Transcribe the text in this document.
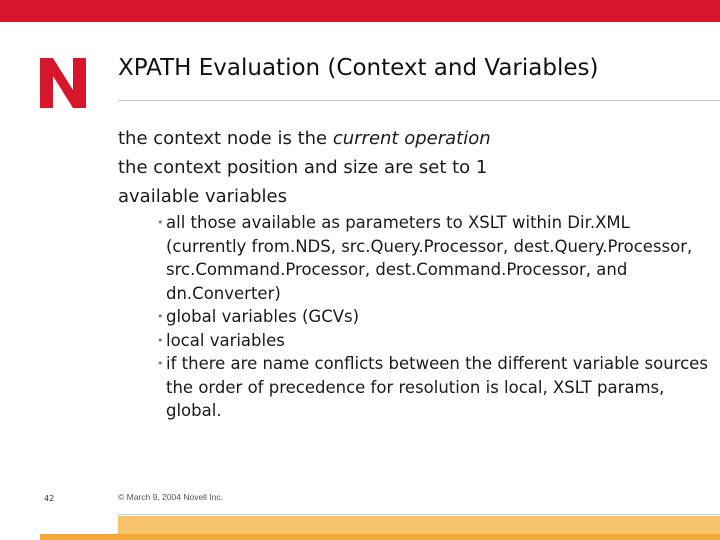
XPATH Evaluation (Context and Variables)
the context node is the current operation
the context position and size are set to 1
available variables
• all those available as parameters to XSLT within Dir.XML (currently from.NDS, src.Query.Processor, dest.Query.Processor, src.Command.Processor, dest.Command.Processor, and dn.Converter)
• global variables (GCVs)
• local variables
• if there are name conflicts between the different variable sources the order of precedence for resolution is local, XSLT params, global.
42	© March 9, 2004 Novell Inc.
